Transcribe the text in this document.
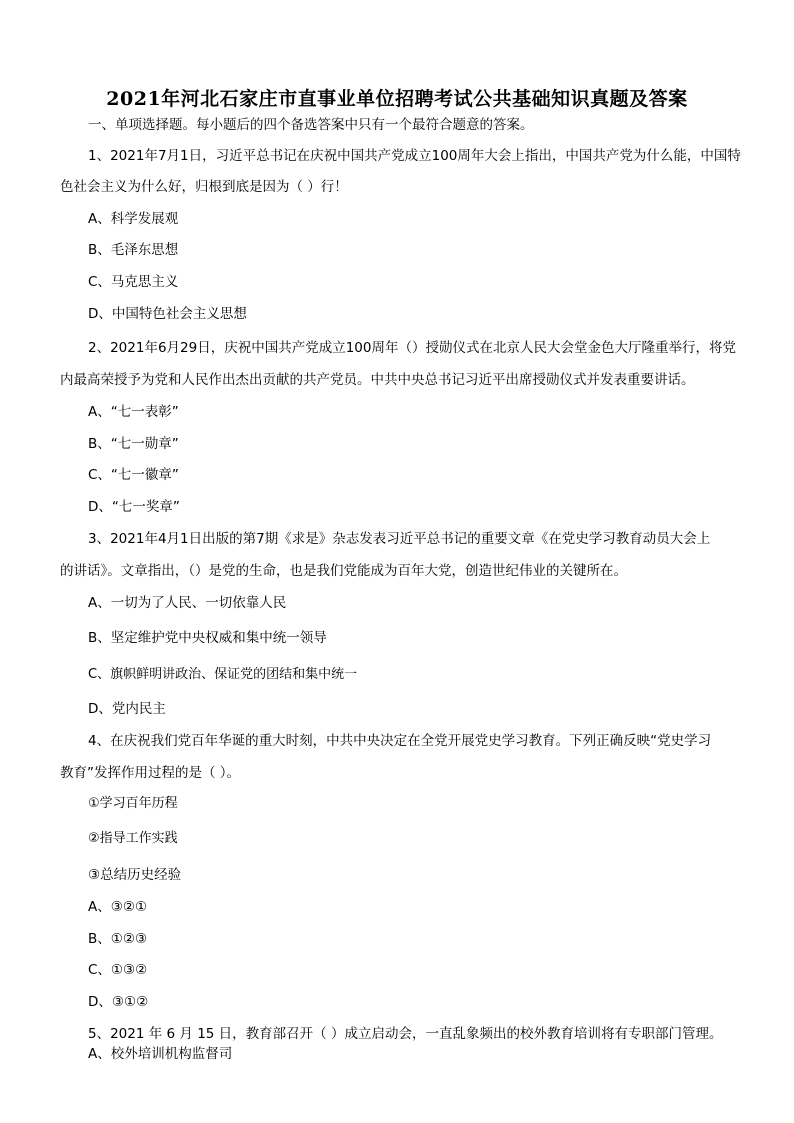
2021年河北石家庄市直事业单位招聘考试公共基础知识真题及答案
一、单项选择题。每小题后的四个备选答案中只有一个最符合题意的答案。
1、2021年7月1日，习近平总书记在庆祝中国共产党成立100周年大会上指出，中国共产党为什么能，中国特
色社会主义为什么好，归根到底是因为（ ）行！
A、科学发展观
B、毛泽东思想
C、马克思主义
D、中国特色社会主义思想
2、2021年6月29日，庆祝中国共产党成立100周年（）授勋仪式在北京人民大会堂金色大厅隆重举行，将党
内最高荣授予为党和人民作出杰出贡献的共产党员。中共中央总书记习近平出席授勋仪式并发表重要讲话。
A、“七一表彰”
B、“七一勋章”
C、“七一徽章”
D、“七一奖章”
3、2021年4月1日出版的第7期《求是》杂志发表习近平总书记的重要文章《在党史学习教育动员大会上
的讲话》。文章指出，（）是党的生命，也是我们党能成为百年大党，创造世纪伟业的关键所在。
A、一切为了人民、一切依靠人民
B、坚定维护党中央权威和集中统一领导
C、旗帜鲜明讲政治、保证党的团结和集中统一
D、党内民主
4、在庆祝我们党百年华诞的重大时刻，中共中央决定在全党开展党史学习教育。下列正确反映“党史学习
教育”发挥作用过程的是（ ）。
①学习百年历程
②指导工作实践
③总结历史经验
A、③②①
B、①②③
C、①③②
D、③①②
5、2021 年 6 月 15 日，教育部召开（ ）成立启动会，一直乱象频出的校外教育培训将有专职部门管理。
A、校外培训机构监督司
